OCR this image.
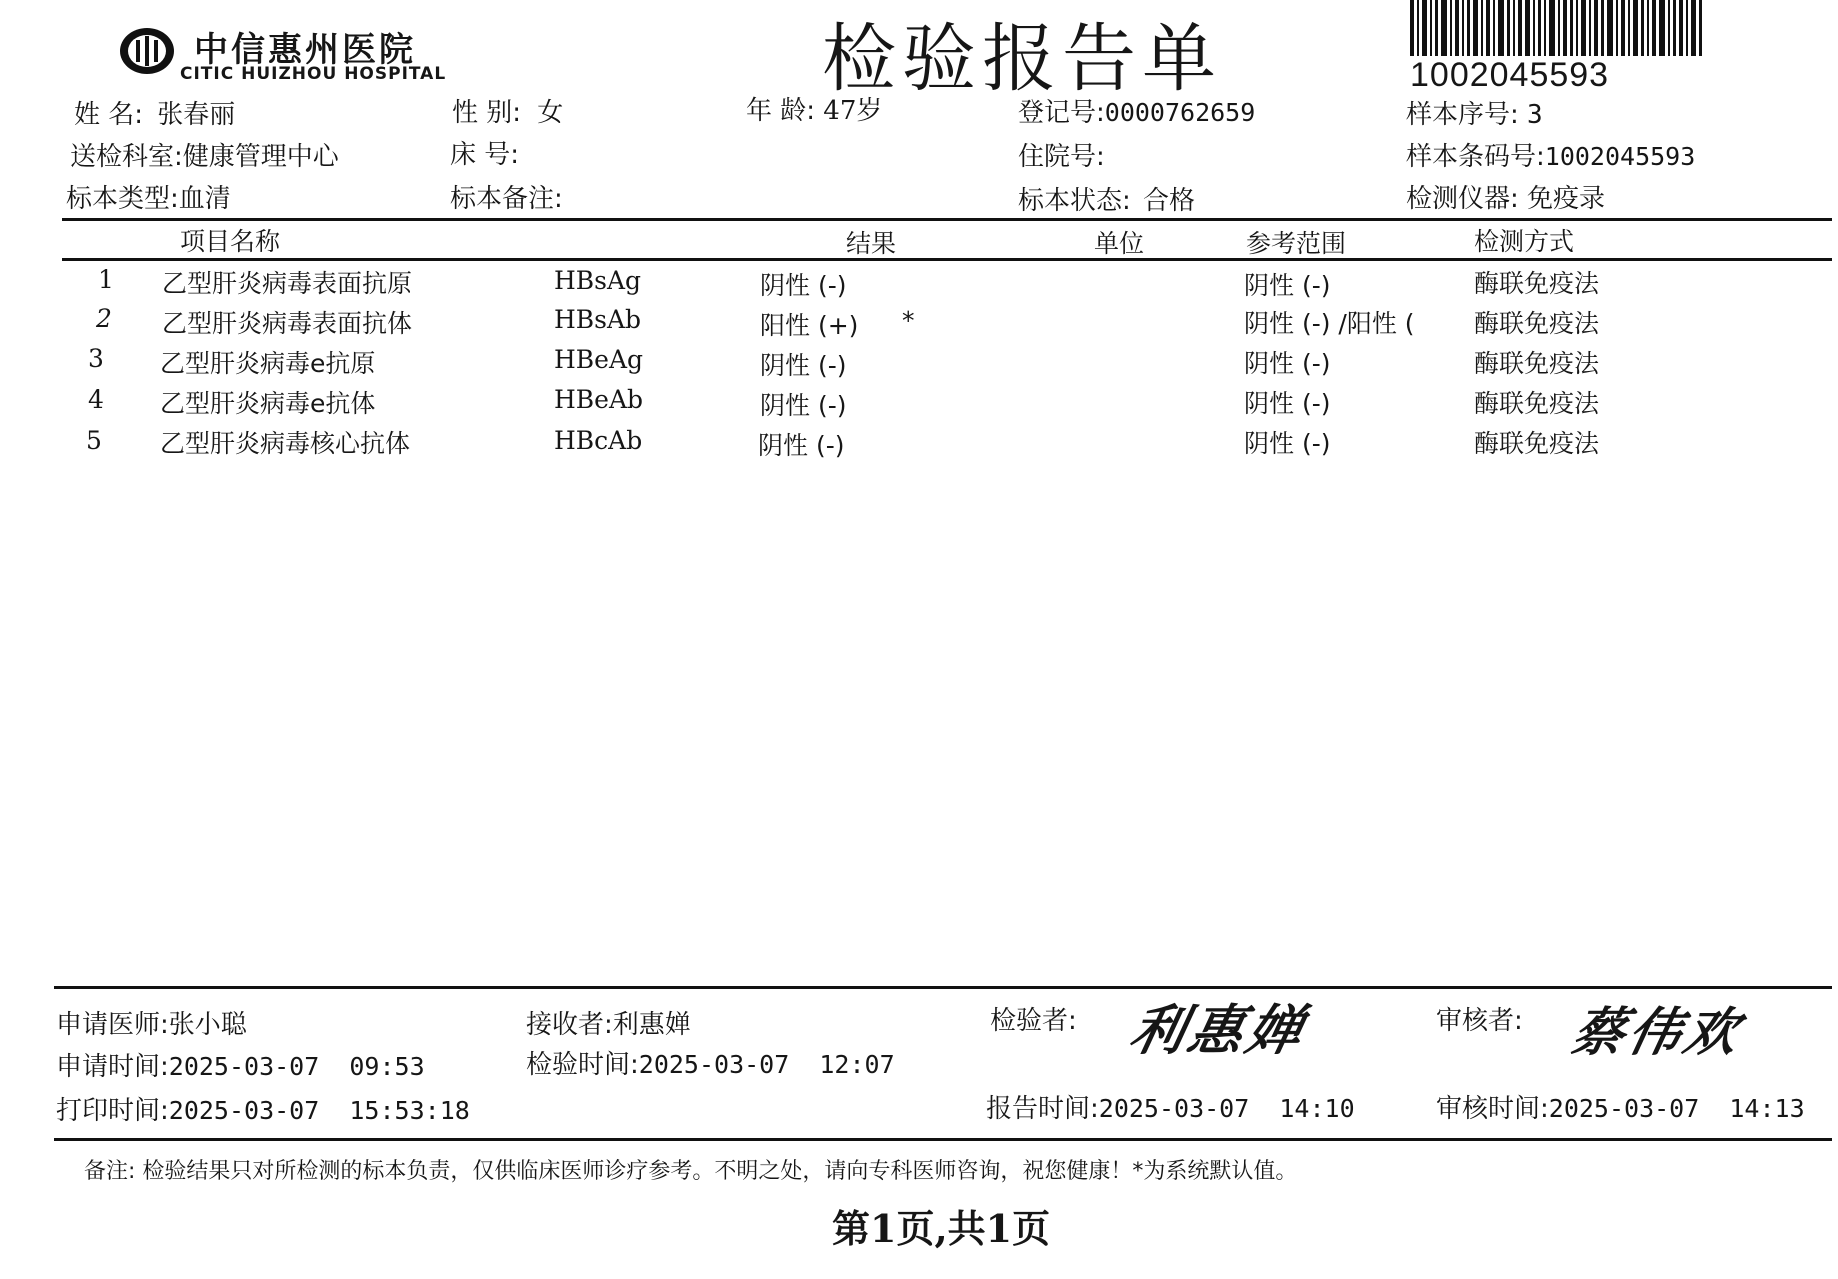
中信惠州医院
CITIC HUIZHOU HOSPITAL	检验报告单	1002045593
姓 名: 张春丽	性 别: 女	年 龄: 47岁	登记号:0000762659	样本序号: 3
送检科室:健康管理中心	床 号:	住院号:	样本条码号:1002045593
标本类型:血清	标本备注:	标本状态: 合格	检测仪器: 免疫录
项目名称	结果	单位	参考范围	检测方式
1 乙型肝炎病毒表面抗原	HBsAg	阴性 (-)	阴性 (-)	酶联免疫法
2 乙型肝炎病毒表面抗体	HBsAb	阳性 (+) *	阴性 (-) /阳性 ( 酶联免疫法
3 乙型肝炎病毒e抗原	HBeAg	阴性 (-)	阴性 (-)	酶联免疫法
4 乙型肝炎病毒e抗体	HBeAb	阴性 (-)	阴性 (-)	酶联免疫法
5 乙型肝炎病毒核心抗体	HBcAb	阴性 (-)	阴性 (-)	酶联免疫法
申请医师:张小聪	接收者:利惠婵	检验者: 利惠婵	审核者: 蔡伟欢
申请时间:2025-03-07  09:53	检验时间:2025-03-07  12:07
打印时间:2025-03-07  15:53:18	报告时间:2025-03-07  14:10	审核时间:2025-03-07  14:13
备注: 检验结果只对所检测的标本负责，仅供临床医师诊疗参考。不明之处，请向专科医师咨询，祝您健康！*为系统默认值。
第1页,共1页
